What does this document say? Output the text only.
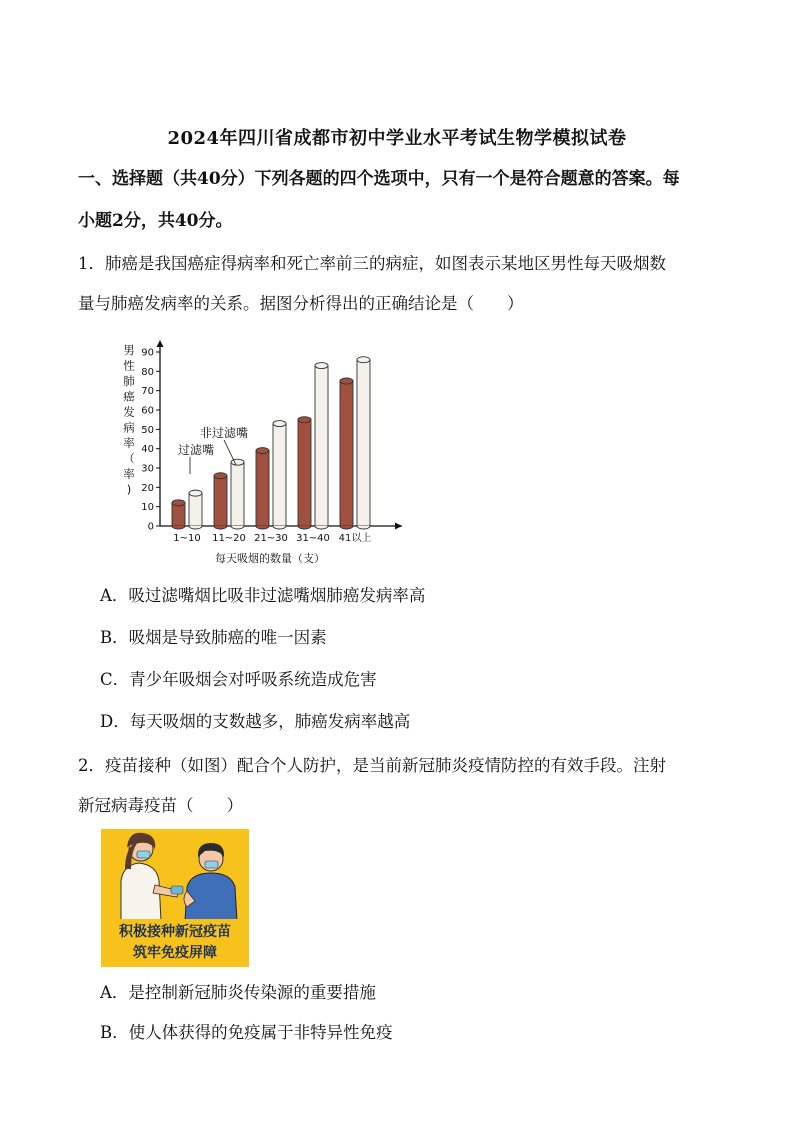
2024年四川省成都市初中学业水平考试生物学模拟试卷
一、选择题（共40分）下列各题的四个选项中，只有一个是符合题意的答案。每
小题2分，共40分。
1．肺癌是我国癌症得病率和死亡率前三的病症，如图表示某地区男性每天吸烟数
量与肺癌发病率的关系。据图分析得出的正确结论是（　　）
男
性
肺
癌
发
病
率
（
率
)
0
10
20
30
40
50
60
70
80
90
1~10 11~20 21~30 31~40 41以上
非过滤嘴
过滤嘴
每天吸烟的数量（支）
A．吸过滤嘴烟比吸非过滤嘴烟肺癌发病率高
B．吸烟是导致肺癌的唯一因素
C．青少年吸烟会对呼吸系统造成危害
D．每天吸烟的支数越多，肺癌发病率越高
2．疫苗接种（如图）配合个人防护，是当前新冠肺炎疫情防控的有效手段。注射
新冠病毒疫苗（　　）
积极接种新冠疫苗
筑牢免疫屏障
A．是控制新冠肺炎传染源的重要措施
B．使人体获得的免疫属于非特异性免疫
